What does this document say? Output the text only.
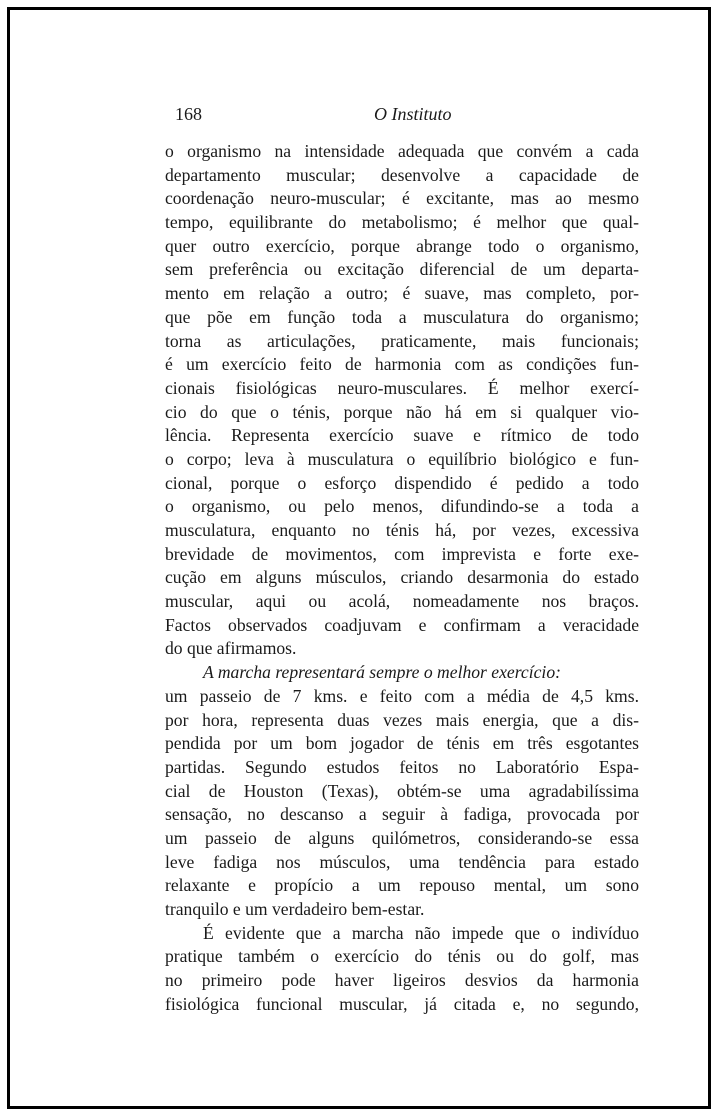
168	O Instituto
o organismo na intensidade adequada que convém a cada
departamento muscular; desenvolve a capacidade de
coordenação neuro-muscular; é excitante, mas ao mesmo
tempo, equilibrante do metabolismo; é melhor que qual-
quer outro exercício, porque abrange todo o organismo,
sem preferência ou excitação diferencial de um departa-
mento em relação a outro; é suave, mas completo, por-
que põe em função toda a musculatura do organismo;
torna as articulações, praticamente, mais funcionais;
é um exercício feito de harmonia com as condições fun-
cionais fisiológicas neuro-musculares. É melhor exercí-
cio do que o ténis, porque não há em si qualquer vio-
lência. Representa exercício suave e rítmico de todo
o corpo; leva à musculatura o equilíbrio biológico e fun-
cional, porque o esforço dispendido é pedido a todo
o organismo, ou pelo menos, difundindo-se a toda a
musculatura, enquanto no ténis há, por vezes, excessiva
brevidade de movimentos, com imprevista e forte exe-
cução em alguns músculos, criando desarmonia do estado
muscular, aqui ou acolá, nomeadamente nos braços.
Factos observados coadjuvam e confirmam a veracidade
do que afirmamos.
A marcha representará sempre o melhor exercício:
um passeio de 7 kms. e feito com a média de 4,5 kms.
por hora, representa duas vezes mais energia, que a dis-
pendida por um bom jogador de ténis em três esgotantes
partidas. Segundo estudos feitos no Laboratório Espa-
cial de Houston (Texas), obtém-se uma agradabilíssima
sensação, no descanso a seguir à fadiga, provocada por
um passeio de alguns quilómetros, considerando-se essa
leve fadiga nos músculos, uma tendência para estado
relaxante e propício a um repouso mental, um sono
tranquilo e um verdadeiro bem-estar.
É evidente que a marcha não impede que o indivíduo
pratique também o exercício do ténis ou do golf, mas
no primeiro pode haver ligeiros desvios da harmonia
fisiológica funcional muscular, já citada e, no segundo,
